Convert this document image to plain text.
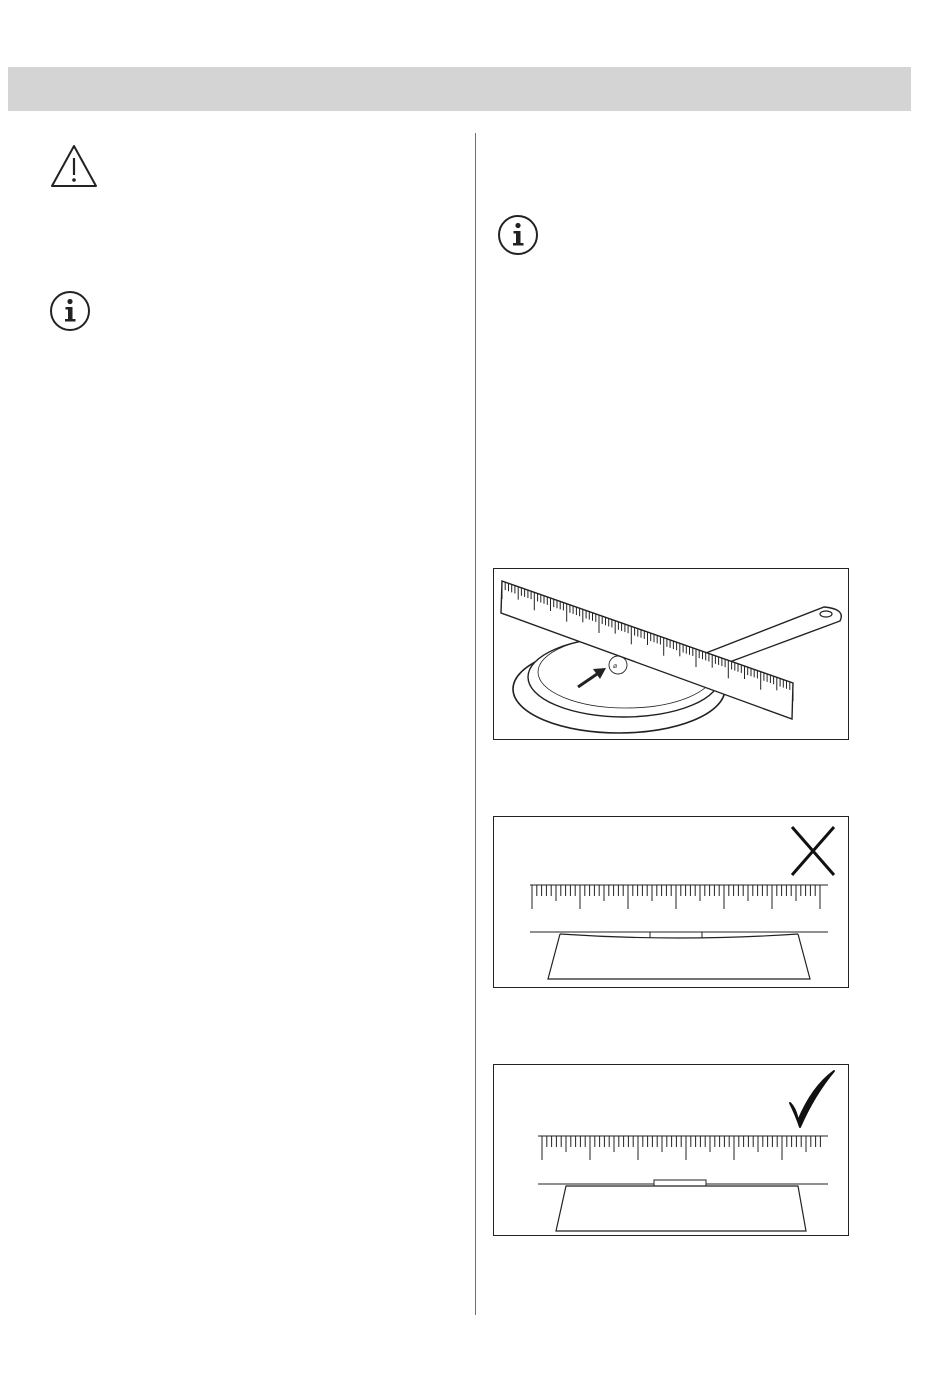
⌀
